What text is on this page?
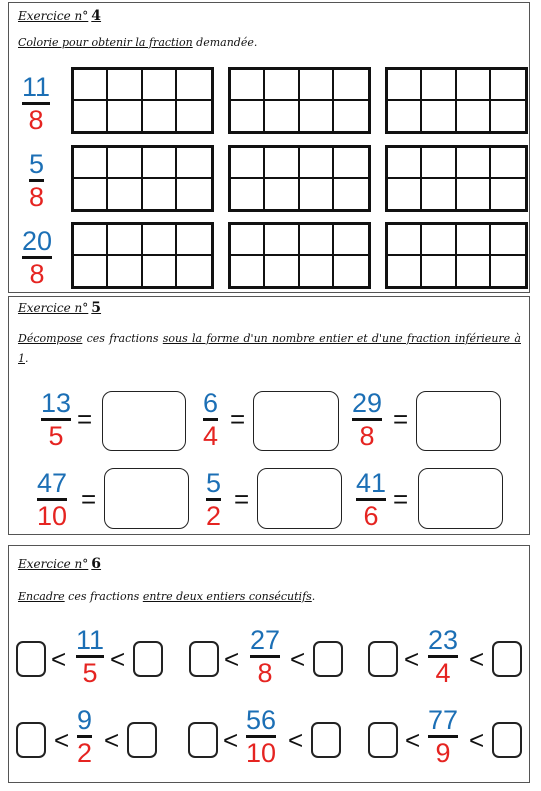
Exercice n° 4
Colorie pour obtenir la fraction demandée.
11
8
5
8
20
8
Exercice n° 5
Décompose ces fractions sous la forme d'un nombre entier et d'une fraction inférieure à 1.
13
5
=
6
4
=
29
8
=
47
10
=
5
2
=
41
6
=
Exercice n° 6
Encadre ces fractions entre deux entiers consécutifs.
<
11
5 <	<
27
8 <	<
23
4 <
<
9
2 <	<
56
10 <	<
77
9 <
